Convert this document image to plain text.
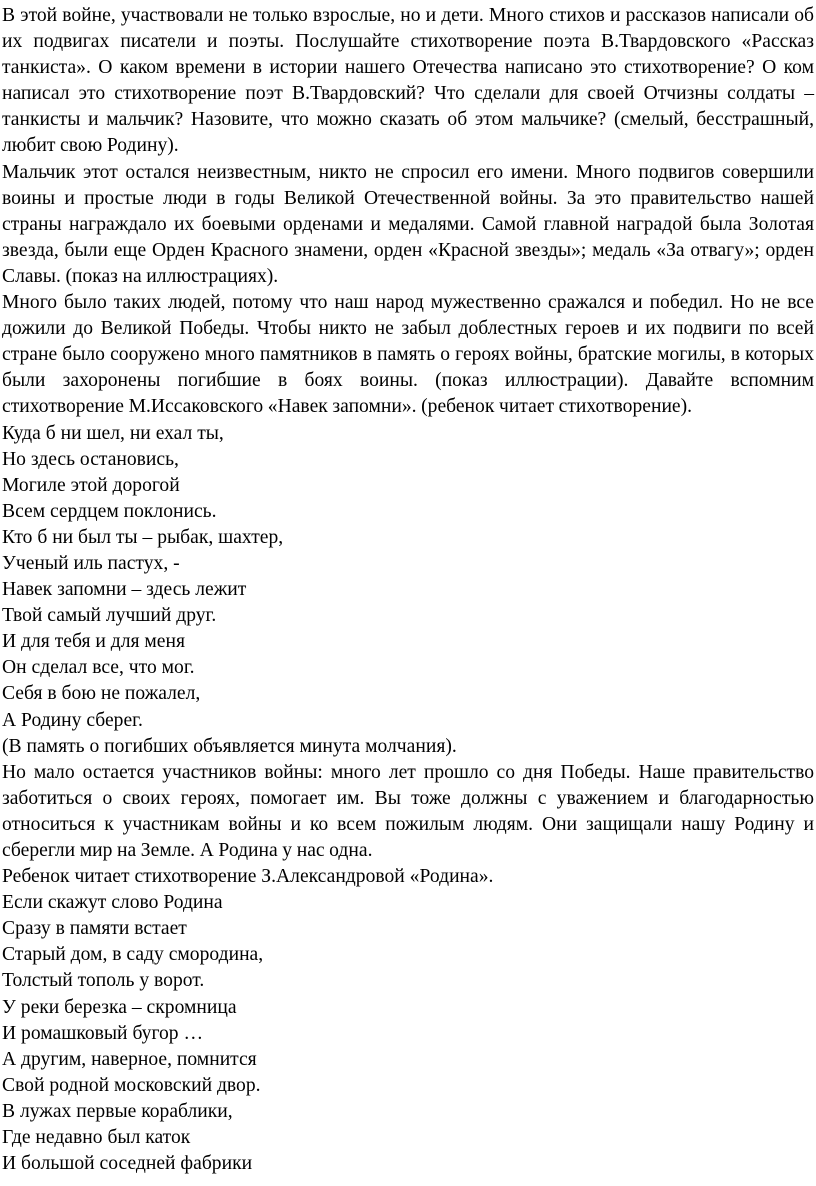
В этой войне, участвовали не только взрослые, но и дети. Много стихов и рассказов написали об их подвигах писатели и поэты. Послушайте стихотворение поэта В.Твардовского «Рассказ танкиста». О каком времени в истории нашего Отечества написано это стихотворение? О ком написал это стихотворение поэт В.Твардовский? Что сделали для своей Отчизны солдаты – танкисты и мальчик? Назовите, что можно сказать об этом мальчике? (смелый, бесстрашный, любит свою Родину).

Мальчик этот остался неизвестным, никто не спросил его имени. Много подвигов совершили воины и простые люди в годы Великой Отечественной войны. За это правительство нашей страны награждало их боевыми орденами и медалями. Самой главной наградой была Золотая звезда, были еще Орден Красного знамени, орден «Красной звезды»; медаль «За отвагу»; орден Славы. (показ на иллюстрациях).

Много было таких людей, потому что наш народ мужественно сражался и победил. Но не все дожили до Великой Победы. Чтобы никто не забыл доблестных героев и их подвиги по всей стране было сооружено много памятников в память о героях войны, братские могилы, в которых были захоронены погибшие в боях воины. (показ иллюстрации). Давайте вспомним стихотворение М.Иссаковского «Навек запомни». (ребенок читает стихотворение).

Куда б ни шел, ни ехал ты,

Но здесь остановись,

Могиле этой дорогой

Всем сердцем поклонись.

Кто б ни был ты – рыбак, шахтер,

Ученый иль пастух, -

Навек запомни – здесь лежит

Твой самый лучший друг.

И для тебя и для меня

Он сделал все, что мог.

Себя в бою не пожалел,

А Родину сберег.

(В память о погибших объявляется минута молчания).

Но мало остается участников войны: много лет прошло со дня Победы. Наше правительство заботиться о своих героях, помогает им. Вы тоже должны с уважением и благодарностью относиться к участникам войны и ко всем пожилым людям. Они защищали нашу Родину и сберегли мир на Земле. А Родина у нас одна.

Ребенок читает стихотворение З.Александровой «Родина».

Если скажут слово Родина

Сразу в памяти встает

Старый дом, в саду смородина,

Толстый тополь у ворот.

У реки березка – скромница

И ромашковый бугор …

А другим, наверное, помнится

Свой родной московский двор.

В лужах первые кораблики,

Где недавно был каток

И большой соседней фабрики
